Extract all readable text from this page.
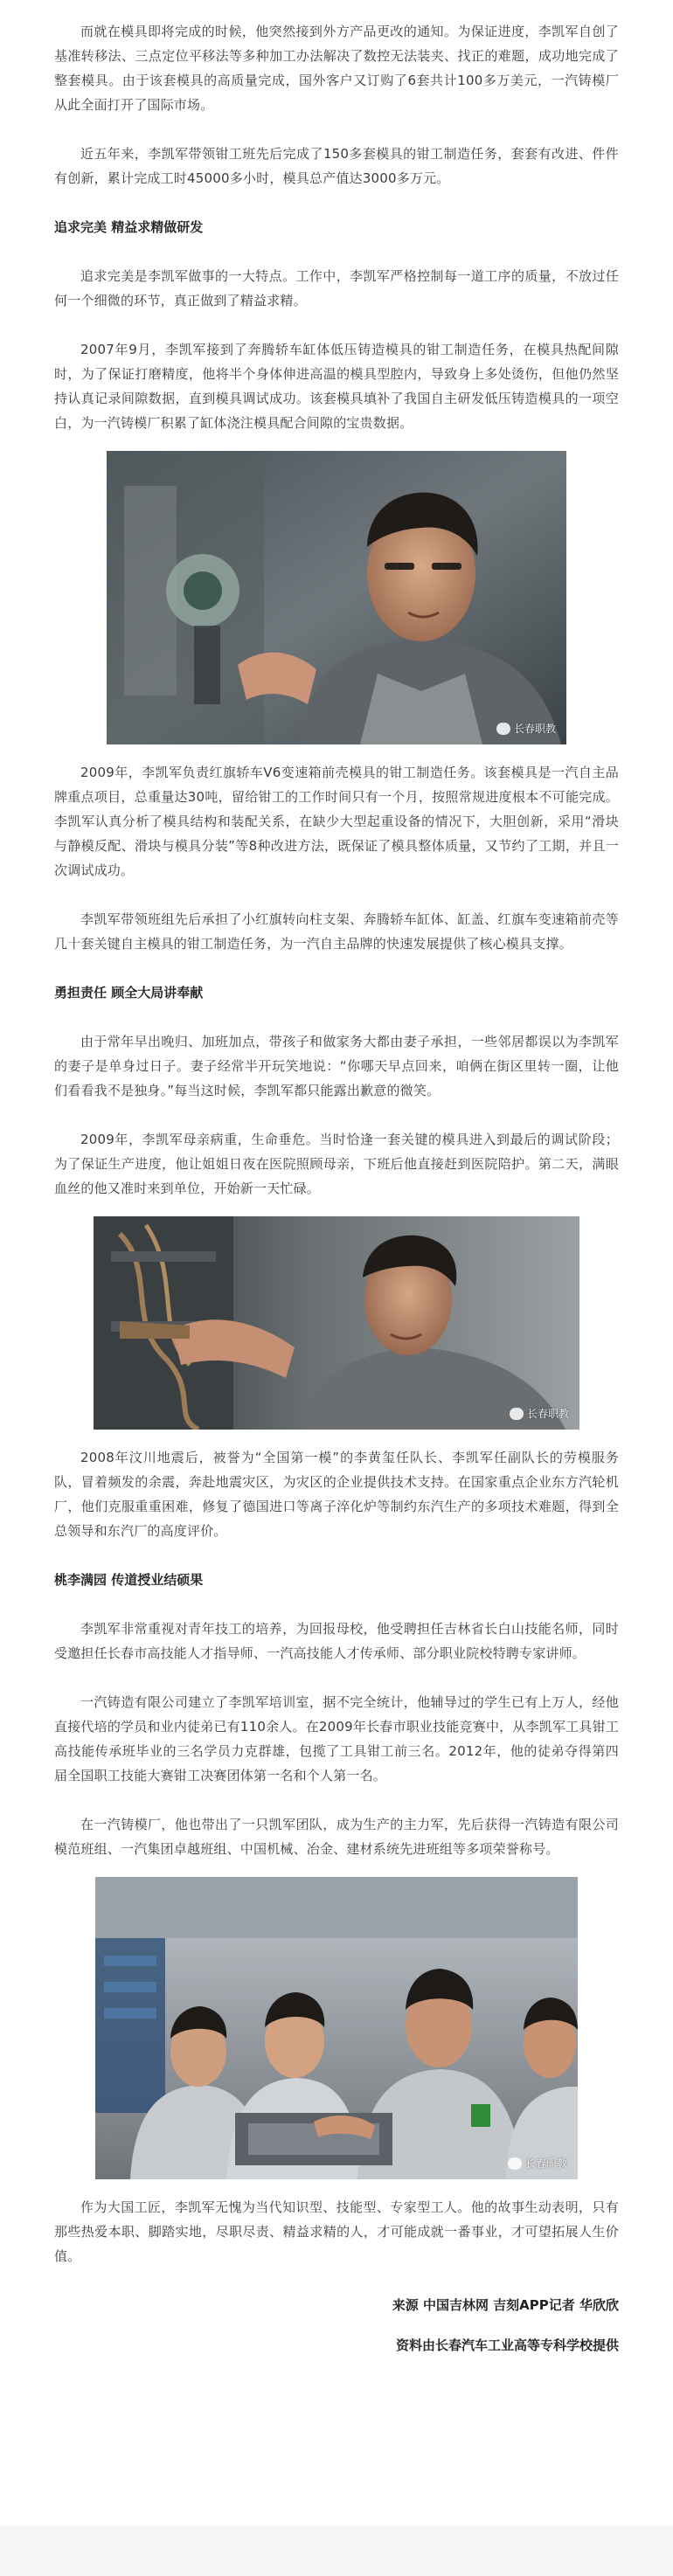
而就在模具即将完成的时候，他突然接到外方产品更改的通知。为保证进度，李凯军自创了基准转移法、三点定位平移法等多种加工办法解决了数控无法装夹、找正的难题，成功地完成了整套模具。由于该套模具的高质量完成，国外客户又订购了6套共计100多万美元，一汽铸模厂从此全面打开了国际市场。

近五年来，李凯军带领钳工班先后完成了150多套模具的钳工制造任务，套套有改进、件件有创新，累计完成工时45000多小时，模具总产值达3000多万元。

追求完美 精益求精做研发

追求完美是李凯军做事的一大特点。工作中，李凯军严格控制每一道工序的质量，不放过任何一个细微的环节，真正做到了精益求精。

2007年9月，李凯军接到了奔腾轿车缸体低压铸造模具的钳工制造任务，在模具热配间隙时，为了保证打磨精度，他将半个身体伸进高温的模具型腔内，导致身上多处烫伤，但他仍然坚持认真记录间隙数据，直到模具调试成功。该套模具填补了我国自主研发低压铸造模具的一项空白，为一汽铸模厂积累了缸体浇注模具配合间隙的宝贵数据。

长春职教

2009年，李凯军负责红旗轿车V6变速箱前壳模具的钳工制造任务。该套模具是一汽自主品牌重点项目，总重量达30吨，留给钳工的工作时间只有一个月，按照常规进度根本不可能完成。李凯军认真分析了模具结构和装配关系，在缺少大型起重设备的情况下，大胆创新，采用“滑块与静模反配、滑块与模具分装”等8种改进方法，既保证了模具整体质量，又节约了工期，并且一次调试成功。

李凯军带领班组先后承担了小红旗转向柱支架、奔腾轿车缸体、缸盖、红旗车变速箱前壳等几十套关键自主模具的钳工制造任务，为一汽自主品牌的快速发展提供了核心模具支撑。

勇担责任 顾全大局讲奉献

由于常年早出晚归、加班加点，带孩子和做家务大都由妻子承担，一些邻居都误以为李凯军的妻子是单身过日子。妻子经常半开玩笑地说：“你哪天早点回来，咱俩在街区里转一圈，让他们看看我不是独身。”每当这时候，李凯军都只能露出歉意的微笑。

2009年，李凯军母亲病重，生命垂危。当时恰逢一套关键的模具进入到最后的调试阶段；为了保证生产进度，他让姐姐日夜在医院照顾母亲，下班后他直接赶到医院陪护。第二天，满眼血丝的他又准时来到单位，开始新一天忙碌。

长春职教

2008年汶川地震后，被誉为“全国第一模”的李黄玺任队长、李凯军任副队长的劳模服务队，冒着频发的余震，奔赴地震灾区，为灾区的企业提供技术支持。在国家重点企业东方汽轮机厂，他们克服重重困难，修复了德国进口等离子淬化炉等制约东汽生产的多项技术难题，得到全总领导和东汽厂的高度评价。

桃李满园 传道授业结硕果

李凯军非常重视对青年技工的培养，为回报母校，他受聘担任吉林省长白山技能名师，同时受邀担任长春市高技能人才指导师、一汽高技能人才传承师、部分职业院校特聘专家讲师。

一汽铸造有限公司建立了李凯军培训室，据不完全统计，他辅导过的学生已有上万人，经他直接代培的学员和业内徒弟已有110余人。在2009年长春市职业技能竞赛中，从李凯军工具钳工高技能传承班毕业的三名学员力克群雄，包揽了工具钳工前三名。2012年，他的徒弟夺得第四届全国职工技能大赛钳工决赛团体第一名和个人第一名。

在一汽铸模厂，他也带出了一只凯军团队，成为生产的主力军，先后获得一汽铸造有限公司模范班组、一汽集团卓越班组、中国机械、冶金、建材系统先进班组等多项荣誉称号。

长春职教

作为大国工匠，李凯军无愧为当代知识型、技能型、专家型工人。他的故事生动表明，只有那些热爱本职、脚踏实地，尽职尽责、精益求精的人，才可能成就一番事业，才可望拓展人生价值。

来源 中国吉林网 吉刻APP记者 华欣欣

资料由长春汽车工业高等专科学校提供
